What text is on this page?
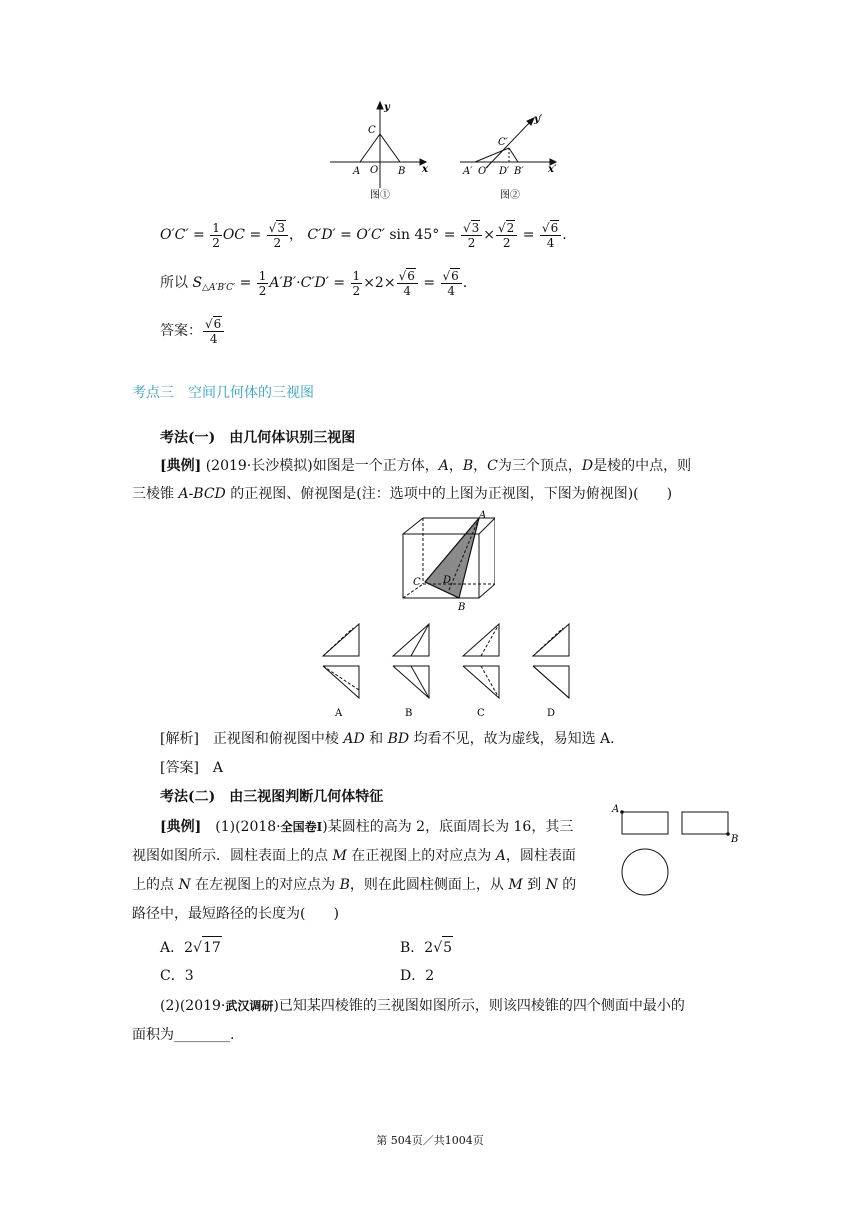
y
C
A O B x
图①
y′
C′
A′ O′ D′ B′ x′
图②
$O'C' = \frac{1}{2}$ OC = $\frac{√ 3}{2}$ ， C′D′ = O′C′ $\sin 45^\circ = \frac{√ 3}{2} \times \frac{√ 2}{2} = \frac{√ 6}{4}$ .
所以 $S_{\triangle A'B'C'} = \frac{1}{2} A'B'\cdot C'D' = \frac{1}{2} \times 2\times \frac{√ 6}{4} = \frac{√ 6}{4}$ .
答案： $\frac{√ 6}{4}$
考点三　空间几何体的三视图
考法(一)　由几何体识别三视图
[典例] (2019·长沙模拟)如图是一个正方体，A，B，C为三个顶点，D是棱的中点，则
三棱锥 A-BCD 的正视图、俯视图是(注：选项中的上图为正视图，下图为俯视图)(　　)
A
C D
B
A	B	C	D
[解析]　正视图和俯视图中棱 AD 和 BD 均看不见，故为虚线，易知选 A.
[答案]　A
考法(二)　由三视图判断几何体特征
[典例]　(1)(2018·全国卷Ⅰ)某圆柱的高为 2，底面周长为 16，其三
视图如图所示．圆柱表面上的点 M 在正视图上的对应点为 A，圆柱表面
上的点 N 在左视图上的对应点为 B，则在此圆柱侧面上，从 M 到 N 的
路径中，最短路径的长度为(　　)
A
B
A．2√ 17	B．2√ 5
C．3	D．2
(2)(2019·武汉调研)已知某四棱锥的三视图如图所示，则该四棱锥的四个侧面中最小的
面积为________.
第 504页／共1004页
